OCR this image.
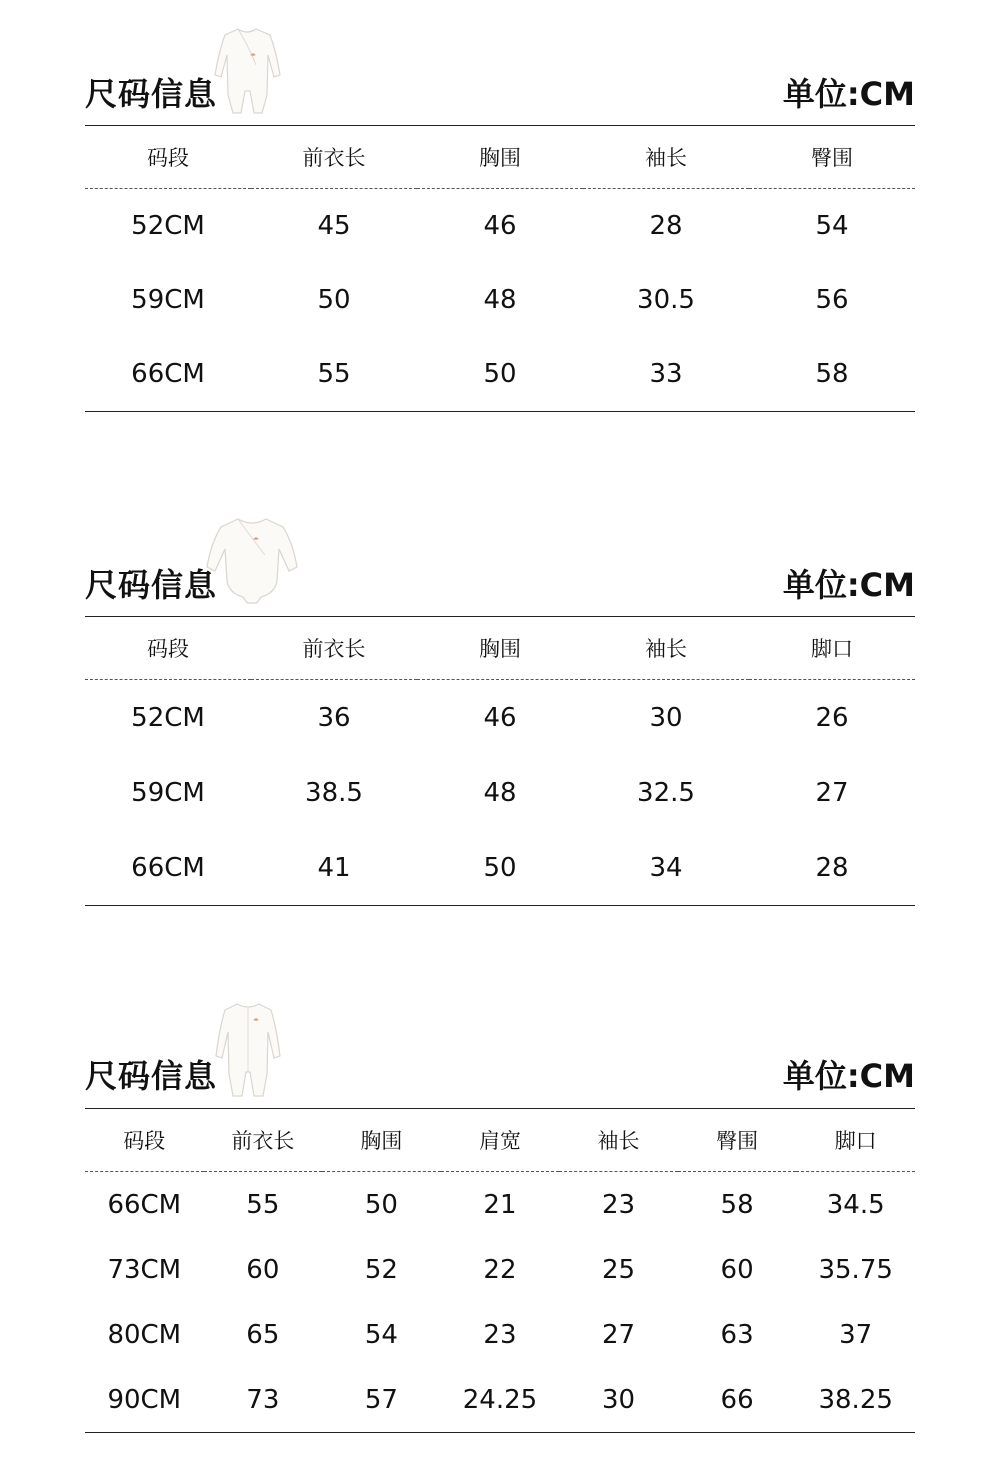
尺码信息	单位:CM
码段	前衣长	胸围	袖长	臀围
52CM	45	46	28	54
59CM	50	48	30.5	56
66CM	55	50	33	58
尺码信息	单位:CM
码段	前衣长	胸围	袖长	脚口
52CM	36	46	30	26
59CM	38.5	48	32.5	27
66CM	41	50	34	28
尺码信息	单位:CM
码段	前衣长	胸围	肩宽	袖长	臀围	脚口
66CM	55	50	21	23	58	34.5
73CM	60	52	22	25	60	35.75
80CM	65	54	23	27	63	37
90CM	73	57	24.25	30	66	38.25
